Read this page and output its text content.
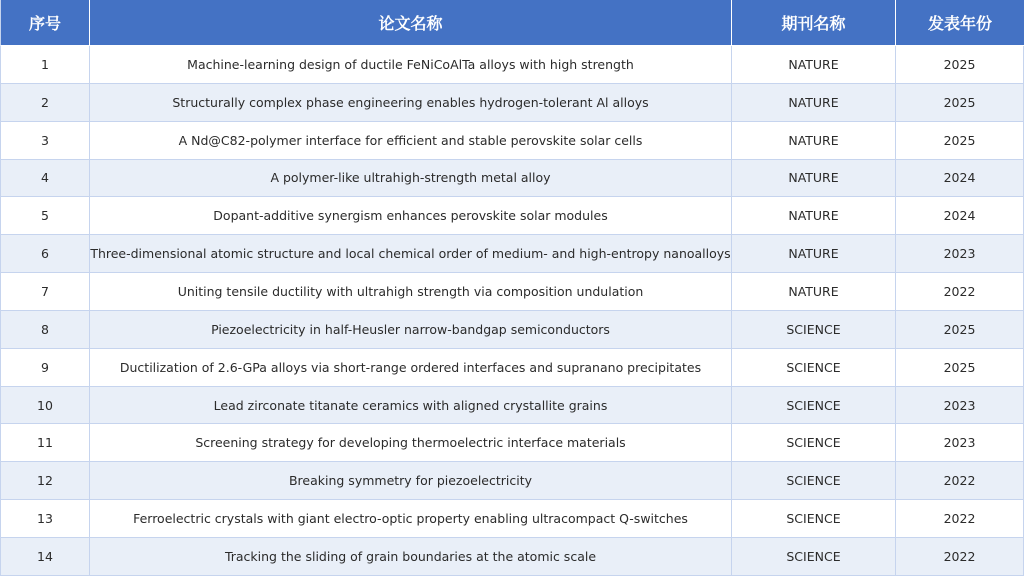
序号	论文名称	期刊名称	发表年份
1	Machine-learning design of ductile FeNiCoAlTa alloys with high strength	NATURE	2025
2	Structurally complex phase engineering enables hydrogen-tolerant Al alloys	NATURE	2025
3	A Nd@C82-polymer interface for efficient and stable perovskite solar cells	NATURE	2025
4	A polymer-like ultrahigh-strength metal alloy	NATURE	2024
5	Dopant-additive synergism enhances perovskite solar modules	NATURE	2024
6	Three-dimensional atomic structure and local chemical order of medium- and high-entropy nanoalloys	NATURE	2023
7	Uniting tensile ductility with ultrahigh strength via composition undulation	NATURE	2022
8	Piezoelectricity in half-Heusler narrow-bandgap semiconductors	SCIENCE	2025
9	Ductilization of 2.6-GPa alloys via short-range ordered interfaces and supranano precipitates	SCIENCE	2025
10	Lead zirconate titanate ceramics with aligned crystallite grains	SCIENCE	2023
11	Screening strategy for developing thermoelectric interface materials	SCIENCE	2023
12	Breaking symmetry for piezoelectricity	SCIENCE	2022
13	Ferroelectric crystals with giant electro-optic property enabling ultracompact Q-switches	SCIENCE	2022
14	Tracking the sliding of grain boundaries at the atomic scale	SCIENCE	2022
